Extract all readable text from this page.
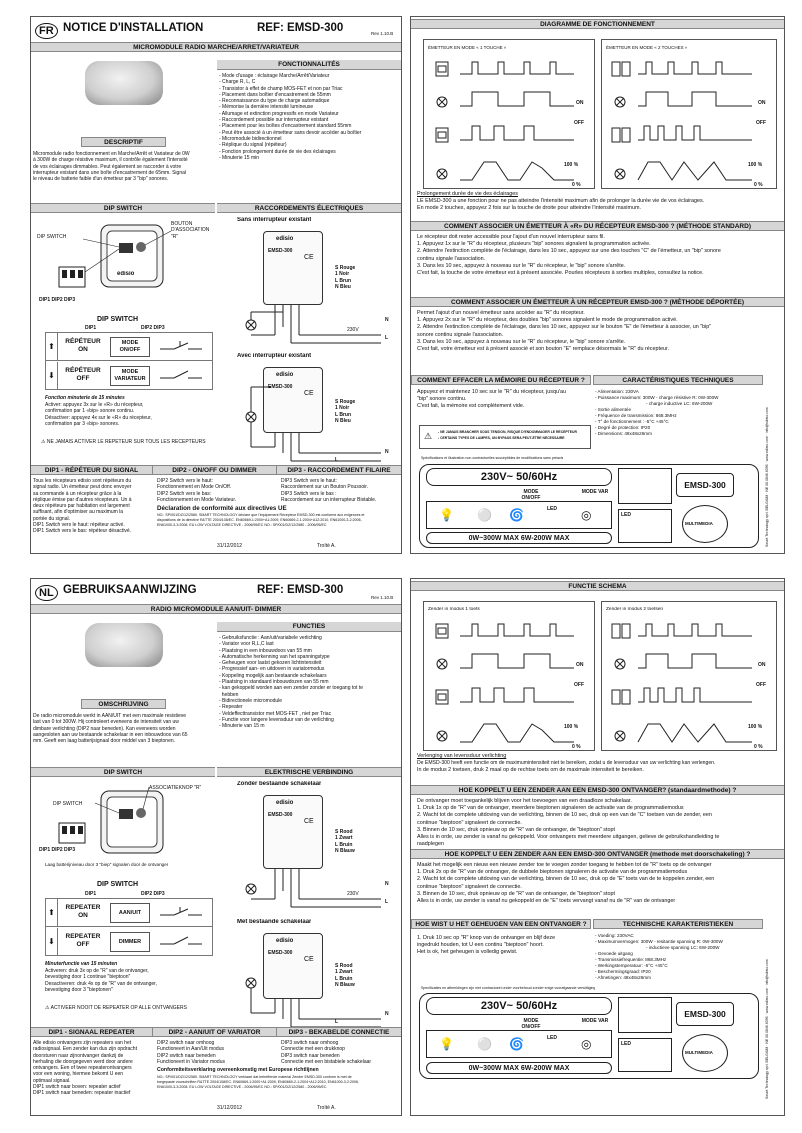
FR NOTICE D'INSTALLATION	REF: EMSD-300	Rev 1.10.B
MICROMODULE RADIO MARCHE/ARRET/VARIATEUR
FONCTIONNALITÉS
- Mode d'usage : éclairage Marche/Arrêt/Variateur
- Charge R, L, C
- Transistor à effet de champ MOS-FET et non par Triac
- Placement dans boîtier d'encastrement de 55mm
- Reconnaissance du type de charge automatique
- Mémorise la dernière intensité lumineuse
- Allumage et extinction progressifs en mode Variateur
- Raccordement possible sur interrupteur existant
- Placement pour les boîtes d'encastrement standard 55mm
- Peut être associé à un émetteur sans devoir accéder au boîtier
- Micromodule bidirectionnel
- Réplique du signal (répéteur)
- Fonction prolongement durée de vie des éclairages
- Minuterie 15 min
DESCRIPTIF
Micromodule radio fonctionnement en Marche/Arrêt et Variateur de 0W
à 300W de charge résistive maximum, il contrôle également l'intensité
de vos éclairages dimmables. Peut également se raccorder à votre
interrupteur existant dans une boîte d'encastrement de 65mm. Signal
le niveau de batterie faible d'un émetteur par 3 "bip" sonores.
DIP SWITCH	RACCORDEMENTS ÉLECTRIQUES
DIP SWITCH
BOUTON D'ASSOCIATION "R"
DIP1 DIP2 DIP3
edisio
DIP SWITCH
DIP1	DIP2 DIP3
⬆
RÉPÉTEUR ON
MODE ON/OFF
⬇
RÉPÉTEUR OFF
MODE VARIATEUR
Fonction minuterie de 15 minutes
Activer: appuyez 3x sur le «R» du récepteur,
confirmation par 1 «bip» sonore continu.
Désactiver: appuyez 4x sur le «R» du récepteur,
confirmation par 3 «bip» sonores.
⚠ NE JAMAIS ACTIVER LE RÉPÉTEUR SUR TOUS LES RÉCEPTEURS
Sans interrupteur existant
edisio
EMSD-300
CE
S Rouge
1 Noir
L Brun
N Bleu
N
230V
L
Avec interrupteur existant
edisio
EMSD-300
CE
S Rouge
1 Noir
L Brun
N Bleu
N
L
DIP1 - RÉPÉTEUR DU SIGNAL	DIP2 - ON/OFF OU DIMMER	DIP3 - RACCORDEMENT FILAIRE
Tous les récepteurs edisio sont répéteurs du
signal radio. Un émetteur peut donc envoyer
sa commande à un récepteur grâce à la
réplique émise par d'autres récepteurs. Un à
deux répéteurs par habitation est largement
suffisant, afin d'optimiser au maximum la
portée du signal.
DIP1 Switch vers le haut: répéteur activé.
DIP1 Switch vers le bas: répéteur désactivé.
DIP2 Switch vers le haut:
Fonctionnement en Mode On/Off.
DIP2 Switch vers le bas:
Fonctionnement en Mode Variateur.
DIP3 Switch vers le haut:
Raccordement sur un Bouton Poussoir.
DIP3 Switch vers le bas :
Raccordement sur un interrupteur Bistable.
Déclaration de conformité aux directives UE
NO.: SP/001/DZ/12/2580. SMART TECHNOLOGY déclare que l'équipement Récepteur EMSD-300 est conforme aux exigences et
dispositions de la directive R&TTE 2004/108/EC. EN60669-1:2000+A1:2009, EN60669-2-1:2004+A12:2010, EN61000-3-2:2006,
EN61000-3-3:2008. EU LOW VOLTAGE DIRECTIVE - 2006/95/EC NO.: SP/001/DZ/12/2580 - 2006/95/EC
31/12/2012	Troïté A.
DIAGRAMME DE FONCTIONNEMENT
ÉMETTEUR EN MODE « 1 TOUCHE »
ON
OFF
100 %
0 %
ÉMETTEUR EN MODE « 2 TOUCHES »
ON
OFF
100 %
0 %
Prolongement durée de vie des éclairages
LE EMSD-300 a une fonction pour ne pas atteindre l'intensité maximum afin de prolonger la durée vie de vos éclairages.
En mode 2 touches, appuyez 2 fois sur la touche de droite pour atteindre l'intensité maximum.
COMMENT ASSOCIER UN ÉMETTEUR À «R» DU RÉCEPTEUR EMSD-300 ? (MÉTHODE STANDARD)
Le récepteur doit rester accessible pour l'ajout d'un nouvel interrupteur sans fil.
1. Appuyez 1x sur le "R" du récepteur, plusieurs "bip" sonores signalent la programmation activée.
2. Attendre l'extinction complète de l'éclairage, dans les 10 sec, appuyez sur une des touches "C" de l'émetteur, un "bip" sonore
continu signale l'association.
3. Dans les 10 sec, appuyez à nouveau sur le "R" du récepteur, le "bip" sonore s'arrête.
C'est fait, la touche de votre émetteur est à présent associée. Pourles récepteurs à sorties multiples, consultez la notice.
COMMENT ASSOCIER UN ÉMETTEUR À UN RÉCEPTEUR EMSD-300 ? (MÉTHODE DÉPORTÉE)
Permet l'ajout d'un nouvel émetteur sans accéder au "R" du récepteur.
1. Appuyez 2x sur le "R" du récepteur, des doubles "bip" sonores signalent le mode de programmation activé.
2. Attendre l'extinction complète de l'éclairage, dans les 10 sec, appuyez sur le bouton "E" de l'émetteur à associer, un "bip"
sonore continu signale l'association.
3. Dans les 10 sec, appuyez à nouveau sur le "R" du récepteur, le "bip" sonore s'arrête.
C'est fait, votre émetteur est à présent associé et son bouton "E" remplace désormais le "R" du récepteur.
COMMENT EFFACER LA MÉMOIRE DU RÉCEPTEUR ?	CARACTÉRISTIQUES TECHNIQUES
Appuyez et maintenez 10 sec sur le "R" du récepteur, jusqu'au
"bip" sonore continu.
C'est fait, la mémoire est complètement vide.
⚠ - NE JAMAIS BRANCHER SOUS TENSION, RISQUE D'ENDOMMAGER LE RÉCEPTEUR
- CERTAINS TYPES DE LAMPES, UN BYPASS SERA PEUT-ÊTRE NÉCESSAIRE
- Alimentation: 230VA
- Puissance maximum: 300W - charge résistive R: 0W-300W
- charge inductive LC: 6W-200W
- Sortie alimentée
- Fréquence de transmission: 868.3MHz
- T° de fonctionnement : -5°C +45°C
- Degré de protection: IP20
- Dimensions: 48x48x26mm
Spécifications et illustration non contractuelles susceptibles de modifications sans préavis
230V~ 50/60Hz
MODE ON/OFF
MODE VAR
💡 ⚪ 🌀	LED ◎
0W~300W MAX 6W-200W MAX
EMSD-300
LED
MULTIMEDIA	Smart Technology sprl. BELGIUM · NE 06.0846.6396 · www.edisio.com · info@edisio.com
NL GEBRUIKSAANWIJZING	REF: EMSD-300
Rev 1.10.B
RADIO MICROMODULE AAN/UIT- DIMMER
FUNCTIES
- Gebruiksfunctie : Aan/uit/variabele verlichting
- Variator voor R,L,C last
- Plaatsing in een inbouwdoos van 55 mm
- Automatische herkenning van het spanningstype
- Geheugen voor laatst gekozen lichtintensiteit
- Progressief aan- en uitdoven in variatormodus
- Koppeling mogelijk aan bestaande schakelaars
- Plaatsing in standaard inbouwdozen van 55 mm
- kan gekoppeld worden aan een zender zonder er toegang tot te
hebben
- Bidirectionele micromodule
- Repeater
- Veldeffecttransistor met MOS-FET , niet per Triac
- Functie voor langere levensduur van de verlichting
- Minuterie van 15 m
OMSCHRIJVING
De radio micromodule werkt in AAN/UIT met een maximale resistieve
last van 0 tot 300W. Hij controleert eveneens de intensiteit van uw
dimbare verlichting (DIP2 naar beneden). Kan eveneens worden
aangesloten aan uw bestaande schakelaar in een inbouwdoos van 65
mm. Geeft een laag batterijsignaal door middel van 3 bieptonen.
DIP SWITCH	ELEKTRISCHE VERBINDING
DIP SWITCH
ASSOCIATIEKNOP "R"
DIP1 DIP2 DIP3
Laag batterijniveau door 3 "biep" signalen door de ontvanger
DIP SWITCH
DIP1	DIP2 DIP3
⬆
REPEATER ON	AAN/UIT
⬇
REPEATER OFF	DIMMER
Minuterfunctie van 15 minuten
Activeren: druk 3x op de "R" van de ontvanger,
bevestiging door 1 continue "bieptoon"
Desactiveren: druk 4x op de "R" van de ontvanger,
bevestiging door 3 "bieptonen"
⚠ ACTIVEER NOOIT DE REPEATER OP ALLE ONTVANGERS
Zonder bestaande schakelaar
edisio
EMSD-300
CE
S Rood
1 Zwart
L Bruin
N Blauw
N
230V
L
Met bestaande schakelaar
edisio
EMSD-300
CE
S Rood
1 Zwart
L Bruin
N Blauw
N
L
DIP1 - SIGNAAL REPEATER	DIP2 - AAN/UIT OF VARIATOR	DIP3 - BEKABELDE CONNECTIE
Alle edisio ontvangers zijn repeaters van het
radiosignaal. Een zender kan dus zijn opdracht
doorsturen naar zijnontvanger dankzij de
herhaling die doorgegeven werd door andere
ontvangers. Een of twee repeaterontvangers
voor een woning, hiermee bekomt U een
optimaal signaal.
DIP1 switch naar boven: repeater actief
DIP1 switch naar beneden: repeater inactief
DIP2 switch naar omhoog
Functioneert in Aan/Uit modus
DIP2 switch naar beneden
Functioneert in Variator modus
DIP3 switch naar omhoog
Connectie met een drukknop
DIP3 switch naar beneden
Connectie met een bistabiele schakelaar
Conformiteitsverklaring overeenkomstig met Europese richtlijnen
NO.: SP/001/DZ/12/2580. SMART TECHNOLOGY verklaart dat betreffende material Zender EMSD-300 conform is met de
toegepaste voorschriften R&TTE 2004/108/EC. EN60669-1:2000+A1:2009, EN60669-2-1:2004+A12:2010, EN61000-3-2:2006,
EN61000-3-3:2008. EU LOW VOLTAGE DIRECTIVE - 2006/95/EC NO.: SP/001/DZ/12/2580 - 2006/95/EC
31/12/2012	Troïté A.
FUNCTIE SCHEMA
Zender in modus 1 toets
ON
OFF
100 %
0 %
Zender in modus 2 toetsen
ON
OFF
100 %
0 %
Verlenging van levensduur verlichting
De EMSD-300 heeft een functie om de maximumintensiteit niet te bereiken, zodat u de levensduur van uw verlichting kan verlengen.
In de modus 2 toetsen, druk 2 maal op de rechtse toets om de maximale intensiteit te bereiken.
HOE KOPPELT U EEN ZENDER AAN EEN EMSD-300 ONTVANGER? (standaardmethode) ?
De ontvanger moet toegankelijk blijven voor het toevoegen van een draadloze schakelaar.
1. Druk 1x op de "R" van de ontvanger, meerdere bieptonen signaleren de activatie van de programmatiemodus
2. Wacht tot de complete uitdoving van de verlichting, binnen de 10 sec, druk op een van de "C" toetsen van de zender, een
continue "bieptoon" signaleert de connectie.
3. Binnen de 10 sec, druk opnieuw op de "R" van de ontvanger, de "bieptoon" stopt
Alles is in orde, uw zender is vanaf nu gekoppeld. Voor ontvangers met meerdere uitgangen, gelieve de gebruikshandleiding te
raadplegen
HOE KOPPELT U EEN ZENDER AAN EEN EMSD-300 ONTVANGER (methode met doorschakeling) ?
Maakt het mogelijk een nieuw een nieuwe zender toe te voegen zonder toegang te hebben tot de "R" toets op de ontvanger
1. Druk 2x op de "R" van de ontvanger, de dubbele bieptonen signaleren de activatie van de programmatiemodus
2. Wacht tot de complete uitdoving van de verlichting, binnen de 10 sec, druk op de "E" toets van de te koppelen zender, een
continue "bieptoon" signaleert de connectie.
3. Binnen de 10 sec, druk opnieuw op de "R" van de ontvanger, de "bieptoon" stopt
Alles is in orde, uw zender is vanaf nu gekoppeld en de "E" toets vervangt vanaf nu de "R" van de ontvanger
HOE WIST U HET GEHEUGEN VAN EEN ONTVANGER ?	TECHNISCHE KARAKTERISTIEKEN
1. Druk 10 sec op "R" knop van de ontvanger en blijf deze
ingedrukt houden, tot U een continu "bieptoon" hoort.
Het is ok, het geheugen is volledig gewist.
- Voeding: 230VAC
- Maximumvermogen: 300W - resitantie spanning R: 0W-300W
- inductieve spanning LC: 6W-200W
- Gevoede uitgang
- Transmissiefrequentie: 868.3MHz
- Werkingstemperatuur: -5°C +45°C
- Beschermingsgraad: IP20
- Afmetingen: 48x48x26mm
Specificaties en afbeeldingen zijn niet contractueel onder voorbehoud zonder enige voorafgaande verwittiging
230V~ 50/60Hz
MODE ON/OFF
MODE VAR
💡 ⚪ 🌀	LED ◎
0W~300W MAX 6W-200W MAX
EMSD-300
LED
MULTIMEDIA	Smart Technology sprl. BELGIUM · NE 06.0846.6396 · www.edisio.com · info@edisio.com
